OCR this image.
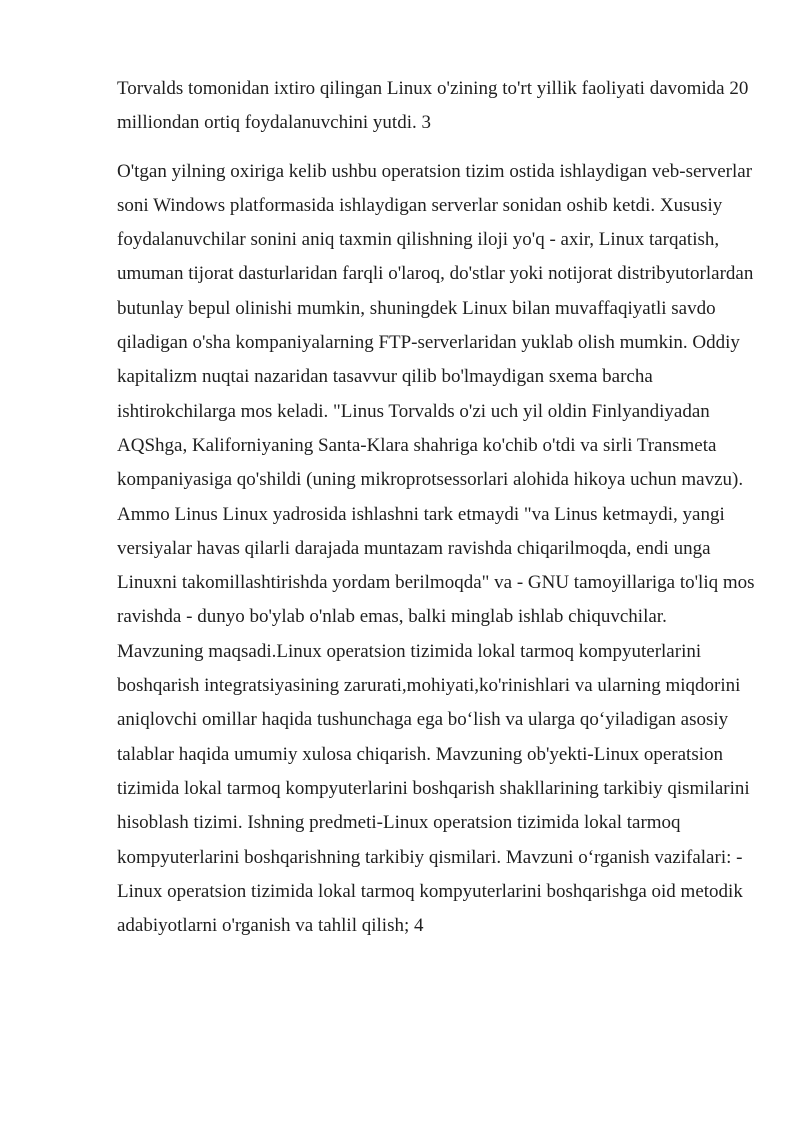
Torvalds tomonidan ixtiro qilingan Linux o'zining to'rt yillik faoliyati davomida 20 milliondan ortiq foydalanuvchini yutdi. 3

O'tgan yilning oxiriga kelib ushbu operatsion tizim ostida ishlaydigan veb-serverlar soni Windows platformasida ishlaydigan serverlar sonidan oshib ketdi. Xususiy foydalanuvchilar sonini aniq taxmin qilishning iloji yo'q - axir, Linux tarqatish, umuman tijorat dasturlaridan farqli o'laroq, do'stlar yoki notijorat distribyutorlardan butunlay bepul olinishi mumkin, shuningdek Linux bilan muvaffaqiyatli savdo qiladigan o'sha kompaniyalarning FTP-serverlaridan yuklab olish mumkin. Oddiy kapitalizm nuqtai nazaridan tasavvur qilib bo'lmaydigan sxema barcha ishtirokchilarga mos keladi. "Linus Torvalds o'zi uch yil oldin Finlyandiyadan AQShga, Kaliforniyaning Santa-Klara shahriga ko'chib o'tdi va sirli Transmeta kompaniyasiga qo'shildi (uning mikroprotsessorlari alohida hikoya uchun mavzu). Ammo Linus Linux yadrosida ishlashni tark etmaydi "va Linus ketmaydi, yangi versiyalar havas qilarli darajada muntazam ravishda chiqarilmoqda, endi unga Linuxni takomillashtirishda yordam berilmoqda" va - GNU tamoyillariga to'liq mos ravishda - dunyo bo'ylab o'nlab emas, balki minglab ishlab chiquvchilar. Mavzuning maqsadi.Linux operatsion tizimida lokal tarmoq kompyuterlarini boshqarish integratsiyasining zarurati,mohiyati,ko'rinishlari va ularning miqdorini aniqlovchi omillar haqida tushunchaga ega bo‘lish va ularga qo‘yiladigan asosiy talablar haqida umumiy xulosa chiqarish. Mavzuning ob'yekti-Linux operatsion tizimida lokal tarmoq kompyuterlarini boshqarish shakllarining tarkibiy qismilarini hisoblash tizimi. Ishning predmeti-Linux operatsion tizimida lokal tarmoq kompyuterlarini boshqarishning tarkibiy qismilari. Mavzuni o‘rganish vazifalari: -Linux operatsion tizimida lokal tarmoq kompyuterlarini boshqarishga oid metodik adabiyotlarni o'rganish va tahlil qilish; 4
